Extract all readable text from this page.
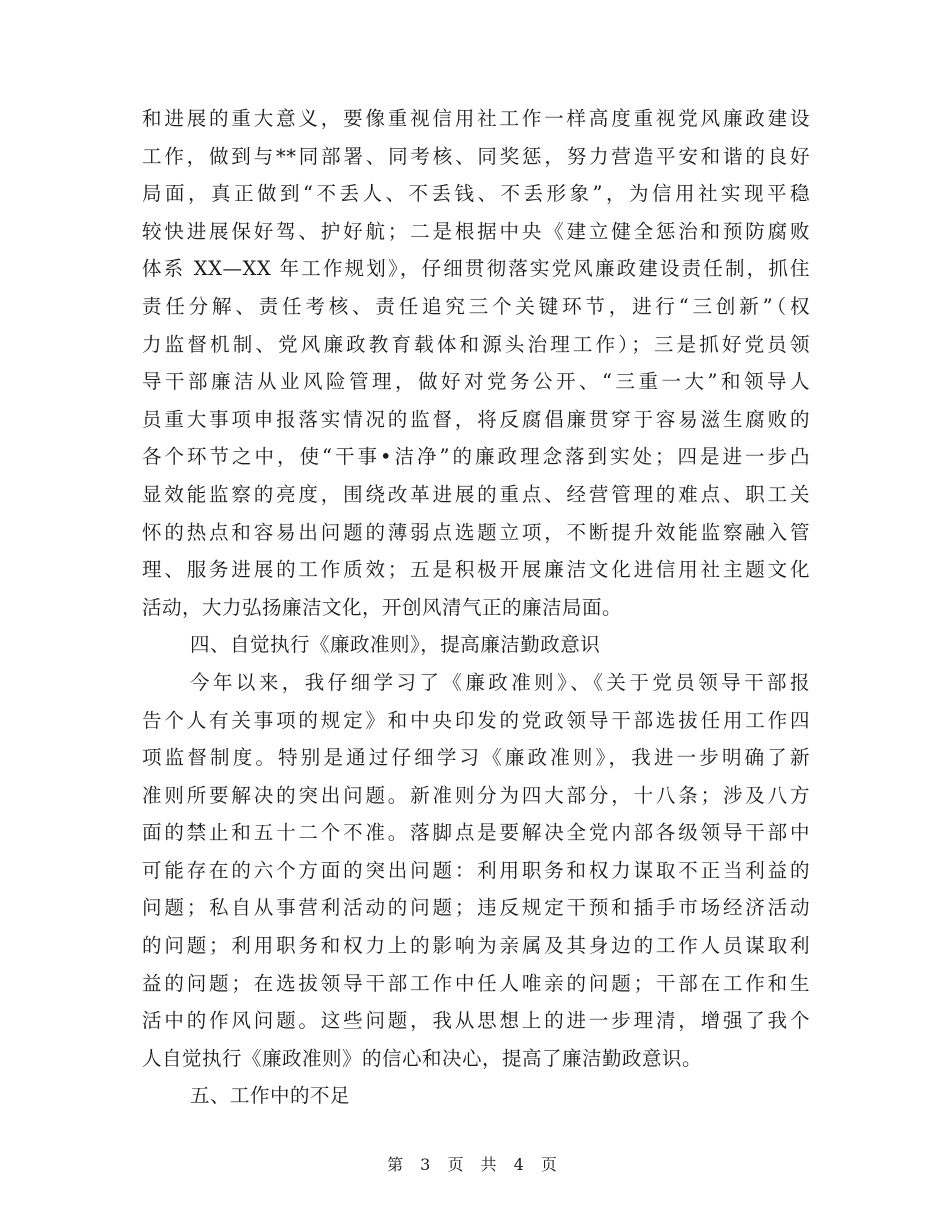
和进展的重大意义，要像重视信用社工作一样高度重视党风廉政建设
工作，做到与**同部署、同考核、同奖惩，努力营造平安和谐的良好
局面，真正做到“不丢人、不丢钱、不丢形象”，为信用社实现平稳
较快进展保好驾、护好航；二是根据中央《建立健全惩治和预防腐败
体系 XX—XX 年工作规划》，仔细贯彻落实党风廉政建设责任制，抓住
责任分解、责任考核、责任追究三个关键环节，进行“三创新”（权
力监督机制、党风廉政教育载体和源头治理工作）；三是抓好党员领
导干部廉洁从业风险管理，做好对党务公开、“三重一大”和领导人
员重大事项申报落实情况的监督，将反腐倡廉贯穿于容易滋生腐败的
各个环节之中，使“干事•洁净”的廉政理念落到实处；四是进一步凸
显效能监察的亮度，围绕改革进展的重点、经营管理的难点、职工关
怀的热点和容易出问题的薄弱点选题立项，不断提升效能监察融入管
理、服务进展的工作质效；五是积极开展廉洁文化进信用社主题文化
活动，大力弘扬廉洁文化，开创风清气正的廉洁局面。
四、自觉执行《廉政准则》，提高廉洁勤政意识
今年以来，我仔细学习了《廉政准则》、《关于党员领导干部报
告个人有关事项的规定》和中央印发的党政领导干部选拔任用工作四
项监督制度。特别是通过仔细学习《廉政准则》，我进一步明确了新
准则所要解决的突出问题。新准则分为四大部分，十八条；涉及八方
面的禁止和五十二个不准。落脚点是要解决全党内部各级领导干部中
可能存在的六个方面的突出问题：利用职务和权力谋取不正当利益的
问题；私自从事营利活动的问题；违反规定干预和插手市场经济活动
的问题；利用职务和权力上的影响为亲属及其身边的工作人员谋取利
益的问题；在选拔领导干部工作中任人唯亲的问题；干部在工作和生
活中的作风问题。这些问题，我从思想上的进一步理清，增强了我个
人自觉执行《廉政准则》的信心和决心，提高了廉洁勤政意识。
五、工作中的不足
第 3 页 共 4 页
